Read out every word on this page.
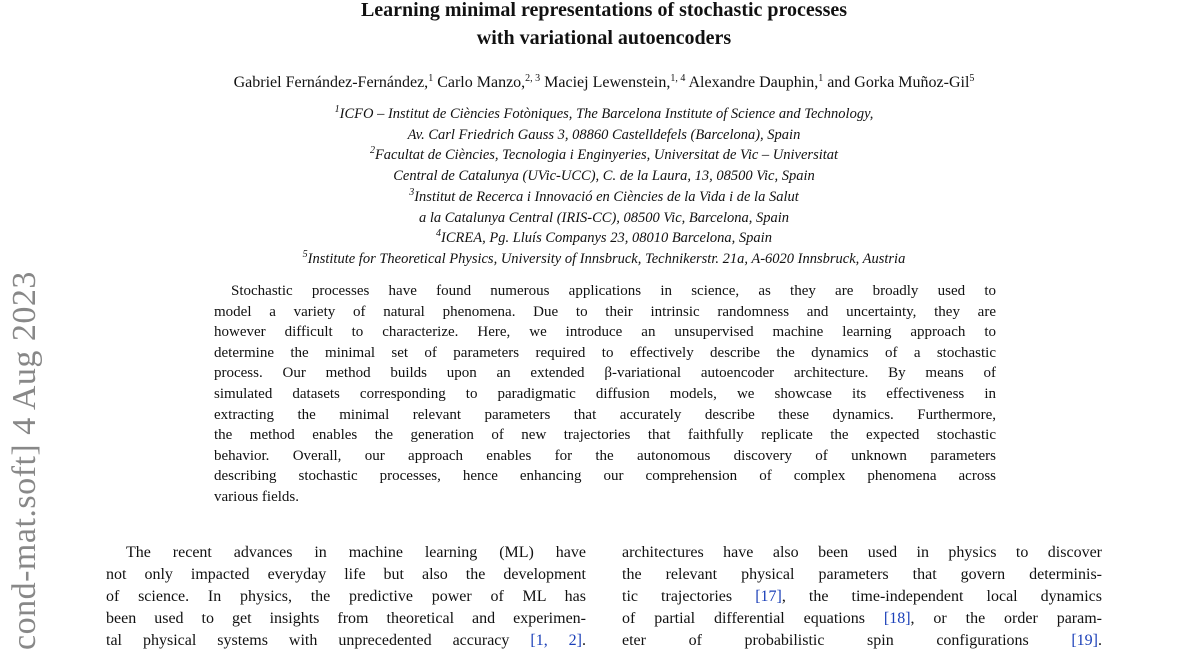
cond-mat.soft] 4 Aug 2023
Learning minimal representations of stochastic processes
with variational autoencoders
Gabriel Fernández-Fernández,$^1$ Carlo Manzo,$^{2, 3}$ Maciej Lewenstein,$^{1, 4}$ Alexandre Dauphin,$^1$ and Gorka Muñoz-Gil$^5$
$^1$ICFO – Institut de Ciències Fotòniques, The Barcelona Institute of Science and Technology,
Av. Carl Friedrich Gauss 3, 08860 Castelldefels (Barcelona), Spain
$^2$Facultat de Ciències, Tecnologia i Enginyeries, Universitat de Vic – Universitat
Central de Catalunya (UVic-UCC), C. de la Laura, 13, 08500 Vic, Spain
$^3$Institut de Recerca i Innovació en Ciències de la Vida i de la Salut
a la Catalunya Central (IRIS-CC), 08500 Vic, Barcelona, Spain
$^4$ICREA, Pg. Lluís Companys 23, 08010 Barcelona, Spain
$^5$Institute for Theoretical Physics, University of Innsbruck, Technikerstr. 21a, A-6020 Innsbruck, Austria
Stochastic processes have found numerous applications in science, as they are broadly used to
model a variety of natural phenomena. Due to their intrinsic randomness and uncertainty, they are
however difficult to characterize. Here, we introduce an unsupervised machine learning approach to
determine the minimal set of parameters required to effectively describe the dynamics of a stochastic
process. Our method builds upon an extended β-variational autoencoder architecture. By means of
simulated datasets corresponding to paradigmatic diffusion models, we showcase its effectiveness in
extracting the minimal relevant parameters that accurately describe these dynamics. Furthermore,
the method enables the generation of new trajectories that faithfully replicate the expected stochastic
behavior. Overall, our approach enables for the autonomous discovery of unknown parameters
describing stochastic processes, hence enhancing our comprehension of complex phenomena across
various fields.
The recent advances in machine learning (ML) have
not only impacted everyday life but also the development
of science. In physics, the predictive power of ML has
been used to get insights from theoretical and experimen-
tal physical systems with unprecedented accuracy [1, 2].
architectures have also been used in physics to discover
the relevant physical parameters that govern determinis-
tic trajectories [17], the time-independent local dynamics
of partial differential equations [18], or the order param-
eter of probabilistic spin configurations [19].
